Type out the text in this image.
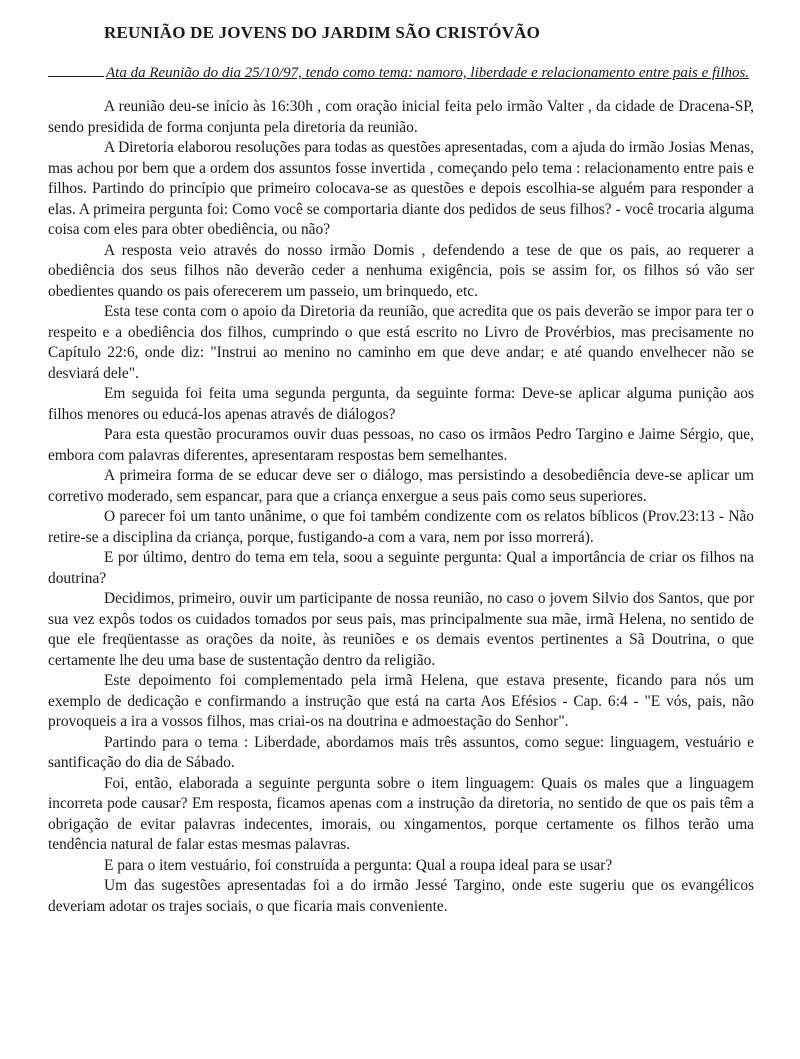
REUNIÃO DE JOVENS DO JARDIM SÃO CRISTÓVÃO
Ata da Reunião do dia 25/10/97, tendo como tema: namoro, liberdade e relacionamento entre pais e filhos.

A reunião deu-se início às 16:30h , com oração inicial feita pelo irmão Valter , da cidade de Dracena-SP, sendo presidida de forma conjunta pela diretoria da reunião.

A Diretoria elaborou resoluções para todas as questões apresentadas, com a ajuda do irmão Josias Menas, mas achou por bem que a ordem dos assuntos fosse invertida , começando pelo tema : relacionamento entre pais e filhos. Partindo do princípio que primeiro colocava-se as questões e depois escolhia-se alguém para responder a elas. A primeira pergunta foi: Como você se comportaria diante dos pedidos de seus filhos? - você trocaria alguma coisa com eles para obter obediência, ou não?

A resposta veio através do nosso irmão Domis , defendendo a tese de que os pais, ao requerer a obediência dos seus filhos não deverão ceder a nenhuma exigência, pois se assim for, os filhos só vão ser obedientes quando os pais oferecerem um passeio, um brinquedo, etc.

Esta tese conta com o apoio da Diretoria da reunião, que acredita que os pais deverão se impor para ter o respeito e a obediência dos filhos, cumprindo o que está escrito no Livro de Provérbios, mas precisamente no Capítulo 22:6, onde diz: "Instrui ao menino no caminho em que deve andar; e até quando envelhecer não se desviará dele".

Em seguida foi feita uma segunda pergunta, da seguinte forma: Deve-se aplicar alguma punição aos filhos menores ou educá-los apenas através de diálogos?

Para esta questão procuramos ouvir duas pessoas, no caso os irmãos Pedro Targino e Jaime Sérgio, que, embora com palavras diferentes, apresentaram respostas bem semelhantes.

A primeira forma de se educar deve ser o diálogo, mas persistindo a desobediência deve-se aplicar um corretivo moderado, sem espancar, para que a criança enxergue a seus pais como seus superiores.

O parecer foi um tanto unânime, o que foi também condizente com os relatos bíblicos (Prov.23:13 - Não retire-se a disciplina da criança, porque, fustigando-a com a vara, nem por isso morrerá).

E por último, dentro do tema em tela, soou a seguinte pergunta: Qual a importância de criar os filhos na doutrina?

Decidimos, primeiro, ouvir um participante de nossa reunião, no caso o jovem Silvio dos Santos, que por sua vez expôs todos os cuidados tomados por seus pais, mas principalmente sua mãe, irmã Helena, no sentido de que ele freqüentasse as orações da noite, às reuniões e os demais eventos pertinentes a Sã Doutrina, o que certamente lhe deu uma base de sustentação dentro da religião.

Este depoimento foi complementado pela irmã Helena, que estava presente, ficando para nós um exemplo de dedicação e confirmando a instrução que está na carta Aos Efésios - Cap. 6:4 - "E vós, pais, não provoqueis a ira a vossos filhos, mas criai-os na doutrina e admoestação do Senhor".

Partindo para o tema : Liberdade, abordamos mais três assuntos, como segue: linguagem, vestuário e santificação do dia de Sábado.

Foi, então, elaborada a seguinte pergunta sobre o item linguagem: Quais os males que a linguagem incorreta pode causar? Em resposta, ficamos apenas com a instrução da diretoria, no sentido de que os pais têm a obrigação de evitar palavras indecentes, imorais, ou xingamentos, porque certamente os filhos terão uma tendência natural de falar estas mesmas palavras.

E para o item vestuário, foi construída a pergunta: Qual a roupa ideal para se usar?

Um das sugestões apresentadas foi a do irmão Jessé Targino, onde este sugeriu que os evangélicos deveriam adotar os trajes sociais, o que ficaria mais conveniente.
